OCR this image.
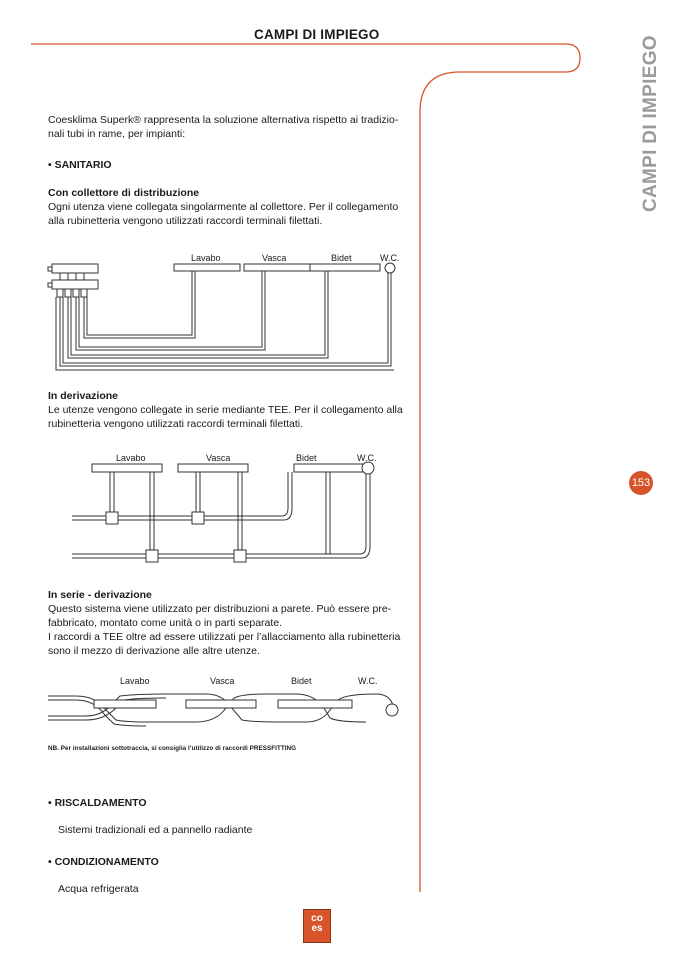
CAMPI DI IMPIEGO
CAMPI DI IMPIEGO
153
Coesklima Superk® rappresenta la soluzione alternativa rispetto ai tradizio-
nali tubi in rame, per impianti:
• SANITARIO
Con collettore di distribuzione
Ogni utenza viene collegata singolarmente al collettore. Per il collegamento
alla rubinetteria vengono utilizzati raccordi terminali filettati.
Lavabo	Vasca	Bidet	W.C.
In derivazione
Le utenze vengono collegate in serie mediante TEE. Per il collegamento alla
rubinetteria vengono utilizzati raccordi terminali filettati.
Lavabo	Vasca	Bidet	W.C.
In serie - derivazione
Questo sistema viene utilizzato per distribuzioni a parete. Può essere pre-
fabbricato, montato come unità o in parti separate.
I raccordi a TEE oltre ad essere utilizzati per l’allacciamento alla rubinetteria
sono il mezzo di derivazione alle altre utenze.
Lavabo	Vasca	Bidet	W.C.
NB. Per installazioni sottotraccia, si consiglia l’utilizzo di raccordi PRESSFITTING
• RISCALDAMENTO
Sistemi tradizionali ed a pannello radiante
• CONDIZIONAMENTO
Acqua refrigerata
co
es
